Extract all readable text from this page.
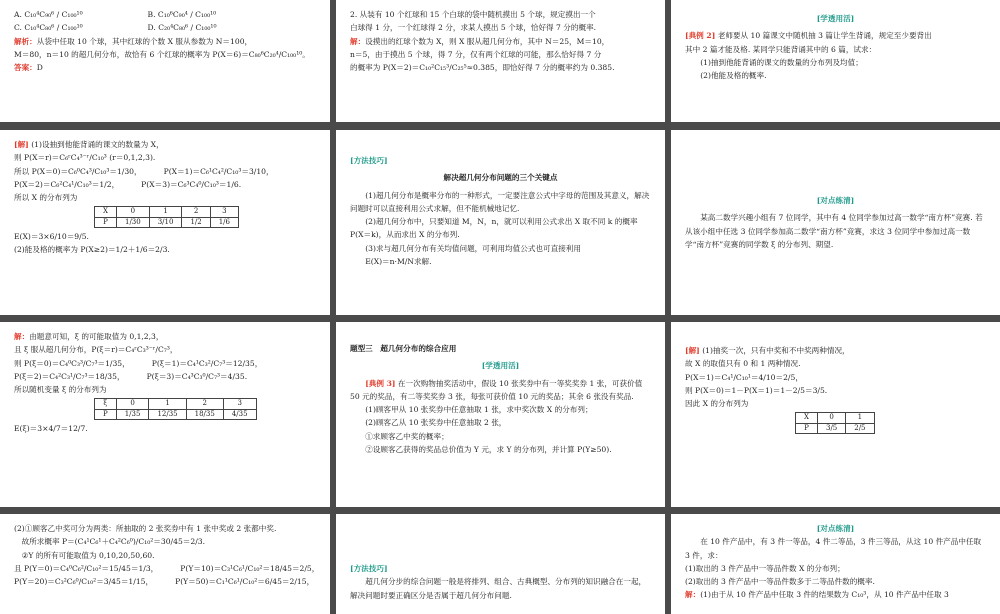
A. C₁₀⁴C₉₀⁶ / C₁₀₀¹⁰	B. C₁₀⁶C₉₀⁴ / C₁₀₀¹⁰

C. C₁₀⁴C₈₀⁶ / C₁₀₀¹⁰	D. C₂₀⁴C₈₀⁶ / C₁₀₀¹⁰

解析：从袋中任取 10 个球，其中红球的个数 X 服从参数为 N＝100，

M＝80，n＝10 的超几何分布，故恰有 6 个红球的概率为 P(X＝6)＝C₈₀⁶C₂₀⁴/C₁₀₀¹⁰。

答案：D

2. 从装有 10 个红球和 15 个白球的袋中随机摸出 5 个球，规定摸出一个

白球得 1 分，一个红球得 2 分，求某人摸出 5 个球，恰好得 7 分的概率.

解：设摸出的红球个数为 X，则 X 服从超几何分布，其中 N＝25，M＝10，

n＝5，由于摸出 5 个球，得 7 分，仅有两个红球的可能，那么恰好得 7 分

的概率为 P(X＝2)＝C₁₀²C₁₅³/C₂₅⁵≈0.385，即恰好得 7 分的概率约为 0.385.

[学透用活]

[典例 2] 老师要从 10 篇课文中随机抽 3 篇让学生背诵，规定至少要背出

其中 2 篇才能及格. 某同学只能背诵其中的 6 篇，试求：

(1)抽到他能背诵的课文的数量的分布列及均值；

(2)他能及格的概率.

[解] (1)设抽到他能背诵的课文的数量为 X，

则 P(X＝r)＝C₆ʳC₄³⁻ʳ/C₁₀³ (r＝0,1,2,3).

所以 P(X＝0)＝C₆⁰C₄³/C₁₀³＝1/30，	P(X＝1)＝C₆¹C₄²/C₁₀³＝3/10，

P(X＝2)＝C₆²C₄¹/C₁₀³＝1/2，	P(X＝3)＝C₆³C₄⁰/C₁₀³＝1/6.

所以 X 的分布列为

X	0	1	2	3
P	1/30	3/10	1/2	1/6

E(X)＝3×6/10＝9/5.

(2)能及格的概率为 P(X≥2)＝1/2＋1/6＝2/3.

[方法技巧]

解决超几何分布问题的三个关键点

(1)超几何分布是概率分布的一种形式，一定要注意公式中字母的范围及其意义，解决问题时可以直接利用公式求解，但不能机械地记忆.

(2)超几何分布中，只要知道 M，N，n，就可以利用公式求出 X 取不同 k 的概率 P(X＝k)，从而求出 X 的分布列.

(3)求与超几何分布有关均值问题，可利用均值公式也可直接利用

E(X)＝n·M/N求解.

[对点练清]

某高二数学兴趣小组有 7 位同学，其中有 4 位同学参加过高一数学“南方杯”竞赛. 若从该小组中任选 3 位同学参加高二数学“南方杯”竞赛，求这 3 位同学中参加过高一数学“南方杯”竞赛的同学数 ξ 的分布列、期望.

解：由题意可知，ξ 的可能取值为 0,1,2,3，

且 ξ 服从超几何分布，P(ξ＝r)＝C₄ʳC₃³⁻ʳ/C₇³，

则 P(ξ＝0)＝C₄⁰C₃³/C₇³＝1/35，	P(ξ＝1)＝C₄¹C₃²/C₇³＝12/35，

P(ξ＝2)＝C₄²C₃¹/C₇³＝18/35，	P(ξ＝3)＝C₄³C₃⁰/C₇³＝4/35.

所以随机变量 ξ 的分布列为

ξ	0	1	2	3
P	1/35	12/35	18/35	4/35

E(ξ)＝3×4/7＝12/7.

题型三　超几何分布的综合应用

[学透用活]

[典例 3] 在一次购物抽奖活动中，假设 10 张奖券中有一等奖奖券 1 张，可获价值 50 元的奖品，有二等奖奖券 3 张，每张可获价值 10 元的奖品；其余 6 张没有奖品.

(1)顾客甲从 10 张奖券中任意抽取 1 张，求中奖次数 X 的分布列；

(2)顾客乙从 10 张奖券中任意抽取 2 张，

①求顾客乙中奖的概率；

②设顾客乙获得的奖品总价值为 Y 元，求 Y 的分布列，并计算 P(Y≥50).

[解] (1)抽奖一次，只有中奖和不中奖两种情况，

故 X 的取值只有 0 和 1 两种情况.

P(X＝1)＝C₄¹/C₁₀¹＝4/10＝2/5，

则 P(X＝0)＝1－P(X＝1)＝1－2/5＝3/5.

因此 X 的分布列为

X	0	1
P	3/5	2/5

(2)①顾客乙中奖可分为两类：所抽取的 2 张奖券中有 1 张中奖或 2 张都中奖.

故所求概率 P＝(C₄¹C₆¹＋C₄²C₆⁰)/C₁₀²＝30/45＝2/3.

②Y 的所有可能取值为 0,10,20,50,60.

且 P(Y＝0)＝C₄⁰C₆²/C₁₀²＝15/45＝1/3，	P(Y＝10)＝C₃¹C₆¹/C₁₀²＝18/45＝2/5，

P(Y＝20)＝C₃²C₆⁰/C₁₀²＝3/45＝1/15，	P(Y＝50)＝C₁¹C₆¹/C₁₀²＝6/45＝2/15，

[方法技巧]

超几何分步的综合问题一般是将排列、组合、古典概型、分布列的知识融合在一起，解决问题时要正确区分是否属于超几何分布问题.

[对点练清]

在 10 件产品中，有 3 件一等品，4 件二等品，3 件三等品，从这 10 件产品中任取 3 件，求：

(1)取出的 3 件产品中一等品件数 X 的分布列；

(2)取出的 3 件产品中一等品件数多于二等品件数的概率.

解：(1)由于从 10 件产品中任取 3 件的结果数为 C₁₀³，从 10 件产品中任取 3
